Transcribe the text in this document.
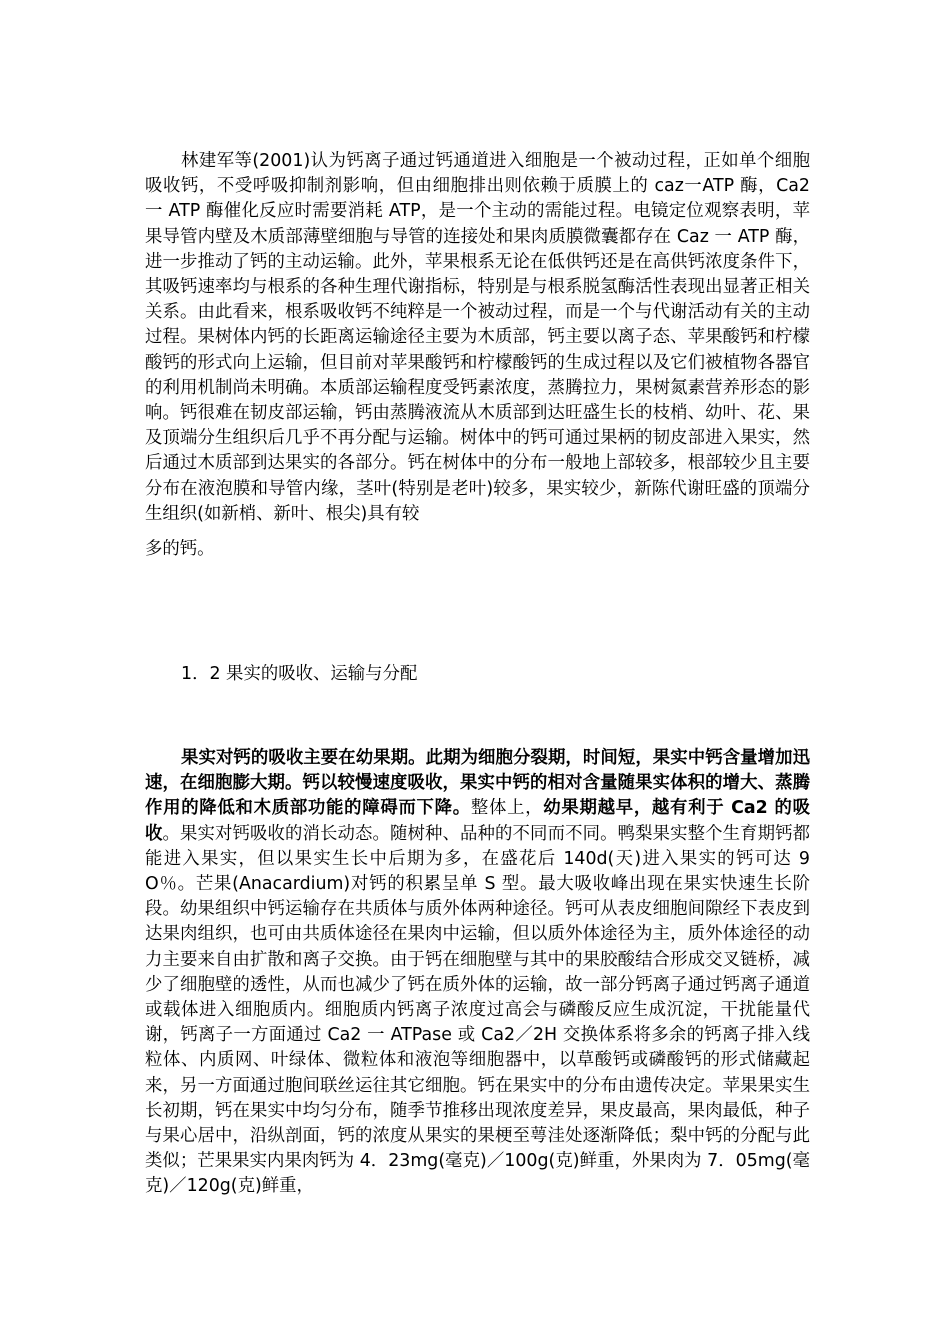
林建军等(2001)认为钙离子通过钙通道进入细胞是一个被动过程，正如单个细胞吸收钙，不受呼吸抑制剂影响，但由细胞排出则依赖于质膜上的 caz一ATP 酶，Ca2 一 ATP 酶催化反应时需要消耗 ATP，是一个主动的需能过程。电镜定位观察表明，苹果导管内壁及木质部薄壁细胞与导管的连接处和果肉质膜微囊都存在 Caz 一 ATP 酶，进一步推动了钙的主动运输。此外，苹果根系无论在低供钙还是在高供钙浓度条件下，其吸钙速率均与根系的各种生理代谢指标，特别是与根系脱氢酶活性表现出显著正相关关系。由此看来，根系吸收钙不纯粹是一个被动过程，而是一个与代谢活动有关的主动过程。果树体内钙的长距离运输途径主要为木质部，钙主要以离子态、苹果酸钙和柠檬酸钙的形式向上运输，但目前对苹果酸钙和柠檬酸钙的生成过程以及它们被植物各器官的利用机制尚未明确。本质部运输程度受钙素浓度，蒸腾拉力，果树氮素营养形态的影响。钙很难在韧皮部运输，钙由蒸腾液流从木质部到达旺盛生长的枝梢、幼叶、花、果及顶端分生组织后几乎不再分配与运输。树体中的钙可通过果柄的韧皮部进入果实，然后通过木质部到达果实的各部分。钙在树体中的分布一般地上部较多，根部较少且主要分布在液泡膜和导管内缘，茎叶(特别是老叶)较多，果实较少，新陈代谢旺盛的顶端分生组织(如新梢、新叶、根尖)具有较
多的钙。

1．2 果实的吸收、运输与分配

果实对钙的吸收主要在幼果期。此期为细胞分裂期，时间短，果实中钙含量增加迅速，在细胞膨大期。钙以较慢速度吸收，果实中钙的相对含量随果实体积的增大、蒸腾作用的降低和木质部功能的障碍而下降。整体上，幼果期越早，越有利于 Ca2 的吸收。果实对钙吸收的消长动态。随树种、品种的不同而不同。鸭梨果实整个生育期钙都能进入果实，但以果实生长中后期为多，在盛花后 140d(天)进入果实的钙可达 9O％。芒果(Anacardium)对钙的积累呈单 S 型。最大吸收峰出现在果实快速生长阶段。幼果组织中钙运输存在共质体与质外体两种途径。钙可从表皮细胞间隙经下表皮到达果肉组织，也可由共质体途径在果肉中运输，但以质外体途径为主，质外体途径的动力主要来自由扩散和离子交换。由于钙在细胞壁与其中的果胶酸结合形成交叉链桥，减少了细胞壁的透性，从而也减少了钙在质外体的运输，故一部分钙离子通过钙离子通道或载体进入细胞质内。细胞质内钙离子浓度过高会与磷酸反应生成沉淀，干扰能量代谢，钙离子一方面通过 Ca2 一 ATPase 或 Ca2／2H 交换体系将多余的钙离子排入线粒体、内质网、叶绿体、微粒体和液泡等细胞器中，以草酸钙或磷酸钙的形式储藏起来，另一方面通过胞间联丝运往其它细胞。钙在果实中的分布由遗传决定。苹果果实生长初期，钙在果实中均匀分布，随季节推移出现浓度差异，果皮最高，果肉最低，种子与果心居中，沿纵剖面，钙的浓度从果实的果梗至萼洼处逐渐降低；梨中钙的分配与此类似；芒果果实内果肉钙为 4．23mg(毫克)／100g(克)鲜重，外果肉为 7．05mg(毫克)／120g(克)鲜重，
